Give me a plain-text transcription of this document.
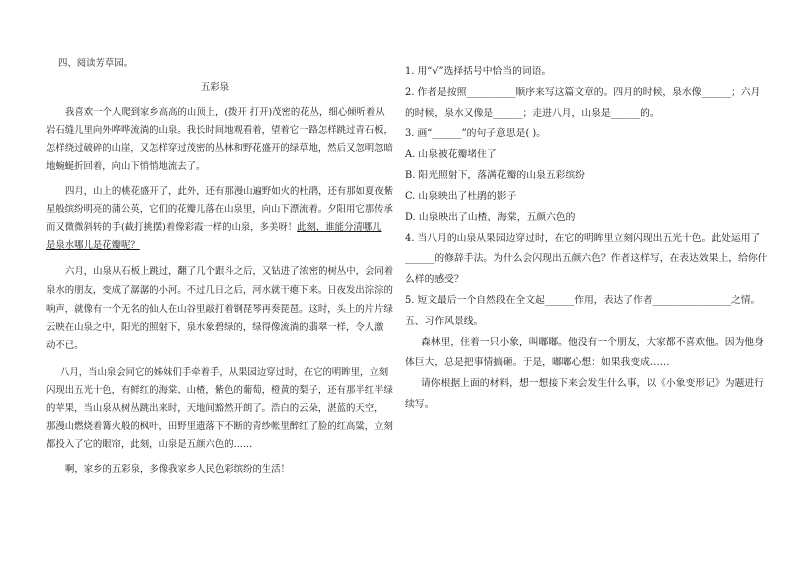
四、阅读芳草园。
五彩泉
我喜欢一个人爬到家乡高高的山顶上，(拨开 打开)茂密的花丛，细心倾听着从
岩石缝儿里向外哗哗流淌的山泉。我长时间地观看着，望着它一路怎样跳过青石板，
怎样绕过破碎的山崖，又怎样穿过茂密的丛林和野花盛开的绿草地，然后又忽明忽暗
地蜿蜒折回着，向山下悄悄地流去了。
四月，山上的桃花盛开了，此外，还有那漫山遍野如火的杜鹃，还有那如夏夜紫
星般缤纷明亮的蒲公英，它们的花瓣儿落在山泉里，向山下漂流着。夕阳用它那传承
而又微微斜转的手(截打挑摆)着像彩霞一样的山泉，多美呀！此刻，谁能分清哪儿
是泉水哪儿是花瓣呢？
六月，山泉从石板上跳过，翻了几个跟斗之后，又钻进了浓密的树丛中，会同着
泉水的朋友，变成了潺潺的小河。不过几日之后，河水就干瘪下来。日夜发出淙淙的
响声，就像有一个无名的仙人在山谷里敲打着钢琵琴再奏琵琶。这时，头上的片片绿
云映在山泉之中，阳光的照射下，泉水象碧绿的，绿得像流淌的翡翠一样，令人激
动不已。
八月，当山泉会同它的姊妹们手牵着手，从果园边穿过时，在它的明眸里，立刻
闪现出五光十色，有鲜红的海棠、山楂，紫色的葡萄，橙黄的梨子，还有那半红半绿
的苹果，当山泉从树丛跳出来时，天地间豁然开朗了。浩白的云朵，湛蓝的天空，
那漫山燃烧着篝火般的枫叶，田野里遗落下不断的青纱帐里醉红了脸的红高粱，立刻
都投入了它的眼帘，此刻，山泉是五颜六色的……
啊，家乡的五彩泉，多像我家乡人民色彩缤纷的生活！
1. 用“√”选择括号中恰当的词语。
2. 作者是按照__________顺序来写这篇文章的。四月的时候，泉水像______；六月
的时候，泉水又像是______；走进八月，山泉是______的。
3. 画“______”的句子意思是( )。
A. 山泉被花瓣堵住了
B. 阳光照射下，落满花瓣的山泉五彩缤纷
C. 山泉映出了杜鹃的影子
D. 山泉映出了山楂、海棠，五颜六色的
4. 当八月的山泉从果园边穿过时，在它的明眸里立刻闪现出五光十色。此处运用了
______的修辞手法。为什么会闪现出五颜六色？作者这样写，在表达效果上，给你什
么样的感受？
5. 短文最后一个自然段在全文起______作用，表达了作者________________之情。
五、习作风景线。
森林里，住着一只小象，叫嘟嘟。他没有一个朋友，大家都不喜欢他。因为他身
体巨大，总是把事情搞砸。于是，嘟嘟心想：如果我变成……
请你根据上面的材料，想一想接下来会发生什么事，以《小象变形记》为题进行
续写。
